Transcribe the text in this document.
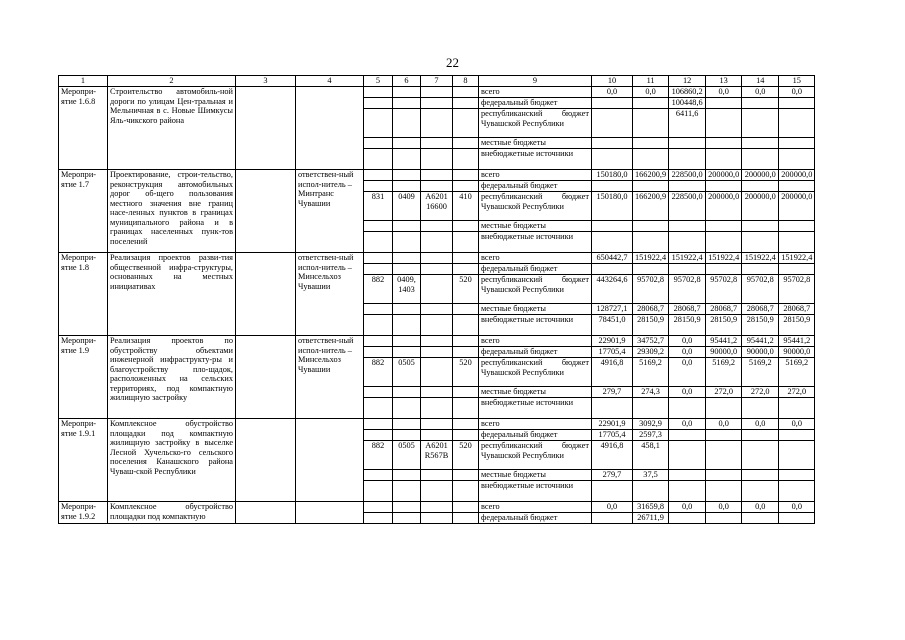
22
1	2	3	4	5	6	7	8	9	10	11	12	13	14	15
Меропри-ятие 1.6.8	Строительство автомобиль-ной дороги по улицам Цен-тральная и Мельничная в с. Новые Шимкусы Яль-чикского района							всего	0,0	0,0	106860,2	0,0	0,0	0,0
								федеральный бюджет			100448,6			
								республиканский бюджет Чувашской Республики			6411,6			
								местные бюджеты						
								внебюджетные источники						
Меропри-ятие 1.7	Проектирование, строи-тельство, реконструкция автомобильных дорог об-щего пользования местного значения вне границ насе-ленных пунктов в границах муниципального района и в границах населенных пунк-тов поселений		ответствен-ный испол-нитель – Минтранс Чувашии					всего	150180,0	166200,9	228500,0	200000,0	200000,0	200000,0
								федеральный бюджет						
				831	0409	A6201 16600	410	республиканский бюджет Чувашской Республики	150180,0	166200,9	228500,0	200000,0	200000,0	200000,0
								местные бюджеты						
								внебюджетные источники						
Меропри-ятие 1.8	Реализация проектов разви-тия общественной инфра-структуры, основанных на местных инициативах		ответствен-ный испол-нитель – Минсельхоз Чувашии					всего	650442,7	151922,4	151922,4	151922,4	151922,4	151922,4
								федеральный бюджет						
				882	0409, 1403		520	республиканский бюджет Чувашской Республики	443264,6	95702,8	95702,8	95702,8	95702,8	95702,8
								местные бюджеты	128727,1	28068,7	28068,7	28068,7	28068,7	28068,7
								внебюджетные источники	78451,0	28150,9	28150,9	28150,9	28150,9	28150,9
Меропри-ятие 1.9	Реализация проектов по обустройству объектами инженерной инфраструкту-ры и благоустройству пло-щадок, расположенных на сельских территориях, под компактную жилищную застройку		ответствен-ный испол-нитель – Минсельхоз Чувашии					всего	22901,9	34752,7	0,0	95441,2	95441,2	95441,2
								федеральный бюджет	17705,4	29309,2	0,0	90000,0	90000,0	90000,0
				882	0505		520	республиканский бюджет Чувашской Республики	4916,8	5169,2	0,0	5169,2	5169,2	5169,2
								местные бюджеты	279,7	274,3	0,0	272,0	272,0	272,0
								внебюджетные источники						
Меропри-ятие 1.9.1	Комплексное обустройство площадки под компактную жилищную застройку в выселке Лесной Хучельско-го сельского поселения Канашского района Чуваш-ской Республики							всего	22901,9	3092,9	0,0	0,0	0,0	0,0
								федеральный бюджет	17705,4	2597,3				
				882	0505	A6201 R567B	520	республиканский бюджет Чувашской Республики	4916,8	458,1				
								местные бюджеты	279,7	37,5				
								внебюджетные источники						
Меропри-ятие 1.9.2	Комплексное обустройство площадки под компактную							всего	0,0	31659,8	0,0	0,0	0,0	0,0
								федеральный бюджет		26711,9				
